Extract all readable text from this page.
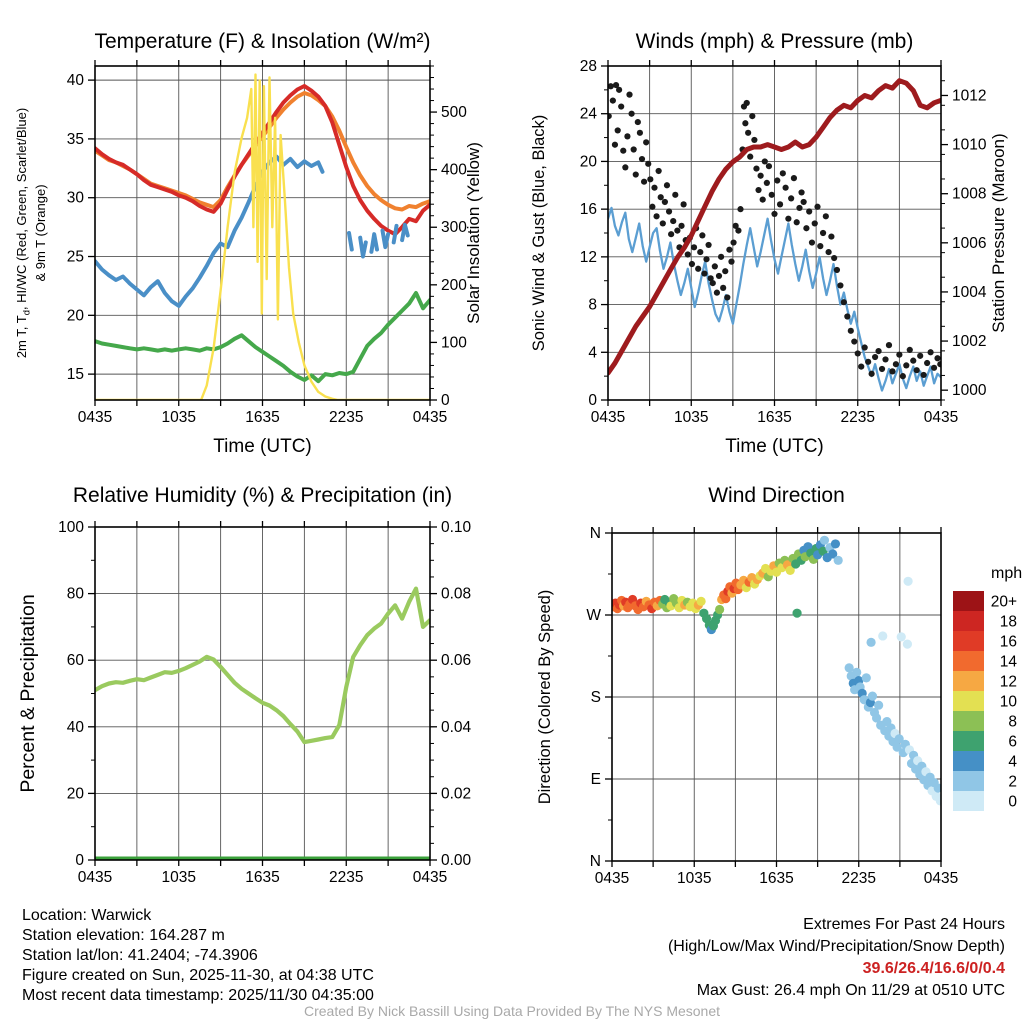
0435	1035	1635	2235	0435
15
20
25
30
35
40
0
100
200
300
400
500
Solar Insolation (Yellow)
2m T, $T_d$, HI/WC (Red, Green, Scarlet/Blue) & 9m T (Orange)
Temperature (F) & Insolation (W/m²)
Time (UTC)
0435	1035	1635	2235	0435
0
4
8
12
16
20
24
28
1000
1002
1004
1006
1008
1010
1012
Station Pressure (Maroon)
Sonic Wind & Gust (Blue, Black)
Winds (mph) & Pressure (mb)
Time (UTC)
0435	1035	1635	2235	0435
0
20
40
60
80
100
0.00
0.02
0.04
0.06
0.08
0.10
Percent & Precipitation
Relative Humidity (%) & Precipitation (in)
0435	1035	1635	2235	0435
N
E
S
W
N
Direction (Colored By Speed)
Wind Direction
mph
20+
18
16
14
12
10
8
6
4
2
0
Location: Warwick
Station elevation: 164.287 m
Station lat/lon: 41.2404; -74.3906
Figure created on Sun, 2025-11-30, at 04:38 UTC
Most recent data timestamp: 2025/11/30 04:35:00
Extremes For Past 24 Hours
(High/Low/Max Wind/Precipitation/Snow Depth)
39.6/26.4/16.6/0/0.4
Max Gust: 26.4 mph On 11/29 at 0510 UTC
Created By Nick Bassill Using Data Provided By The NYS Mesonet
